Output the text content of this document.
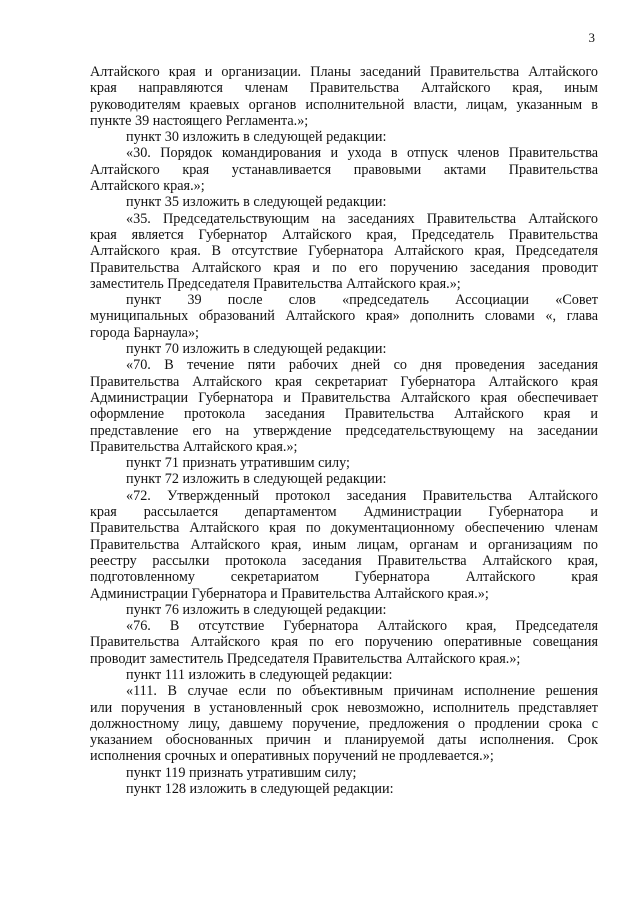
3
Алтайского края и организации. Планы заседаний Правительства Алтайского
края направляются членам Правительства Алтайского края, иным
руководителям краевых органов исполнительной власти, лицам, указанным в
пункте 39 настоящего Регламента.»;
пункт 30 изложить в следующей редакции:
«30. Порядок командирования и ухода в отпуск членов Правительства
Алтайского края устанавливается правовыми актами Правительства
Алтайского края.»;
пункт 35 изложить в следующей редакции:
«35. Председательствующим на заседаниях Правительства Алтайского
края является Губернатор Алтайского края, Председатель Правительства
Алтайского края. В отсутствие Губернатора Алтайского края, Председателя
Правительства Алтайского края и по его поручению заседания проводит
заместитель Председателя Правительства Алтайского края.»;
пункт 39 после слов «председатель Ассоциации «Совет
муниципальных образований Алтайского края» дополнить словами «, глава
города Барнаула»;
пункт 70 изложить в следующей редакции:
«70. В течение пяти рабочих дней со дня проведения заседания
Правительства Алтайского края секретариат Губернатора Алтайского края
Администрации Губернатора и Правительства Алтайского края обеспечивает
оформление протокола заседания Правительства Алтайского края и
представление его на утверждение председательствующему на заседании
Правительства Алтайского края.»;
пункт 71 признать утратившим силу;
пункт 72 изложить в следующей редакции:
«72. Утвержденный протокол заседания Правительства Алтайского
края рассылается департаментом Администрации Губернатора и
Правительства Алтайского края по документационному обеспечению членам
Правительства Алтайского края, иным лицам, органам и организациям по
реестру рассылки протокола заседания Правительства Алтайского края,
подготовленному секретариатом Губернатора Алтайского края
Администрации Губернатора и Правительства Алтайского края.»;
пункт 76 изложить в следующей редакции:
«76. В отсутствие Губернатора Алтайского края, Председателя
Правительства Алтайского края по его поручению оперативные совещания
проводит заместитель Председателя Правительства Алтайского края.»;
пункт 111 изложить в следующей редакции:
«111. В случае если по объективным причинам исполнение решения
или поручения в установленный срок невозможно, исполнитель представляет
должностному лицу, давшему поручение, предложения о продлении срока с
указанием обоснованных причин и планируемой даты исполнения. Срок
исполнения срочных и оперативных поручений не продлевается.»;
пункт 119 признать утратившим силу;
пункт 128 изложить в следующей редакции:
